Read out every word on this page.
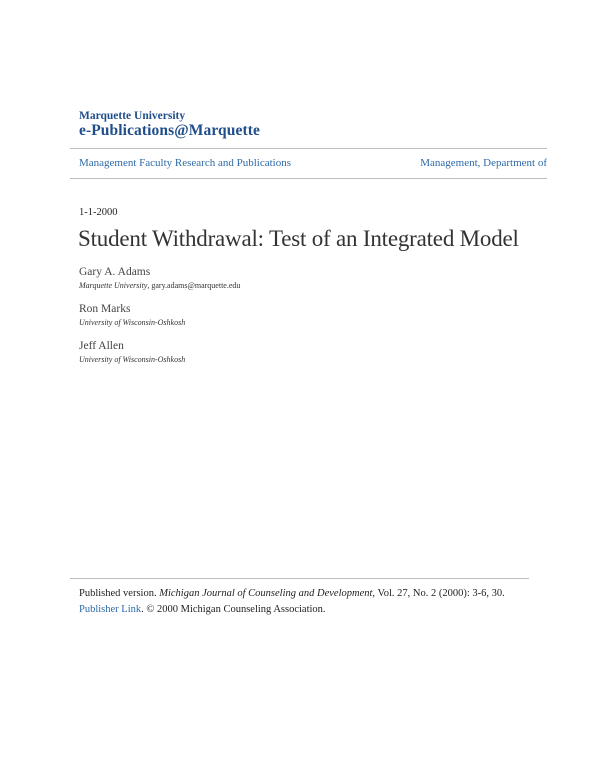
Marquette University
e-Publications@Marquette
Management Faculty Research and Publications	Management, Department of
1-1-2000
Student Withdrawal: Test of an Integrated Model
Gary A. Adams
Marquette University, gary.adams@marquette.edu
Ron Marks
University of Wisconsin-Oshkosh
Jeff Allen
University of Wisconsin-Oshkosh
Published version. Michigan Journal of Counseling and Development, Vol. 27, No. 2 (2000): 3-6, 30.
Publisher Link. © 2000 Michigan Counseling Association.
